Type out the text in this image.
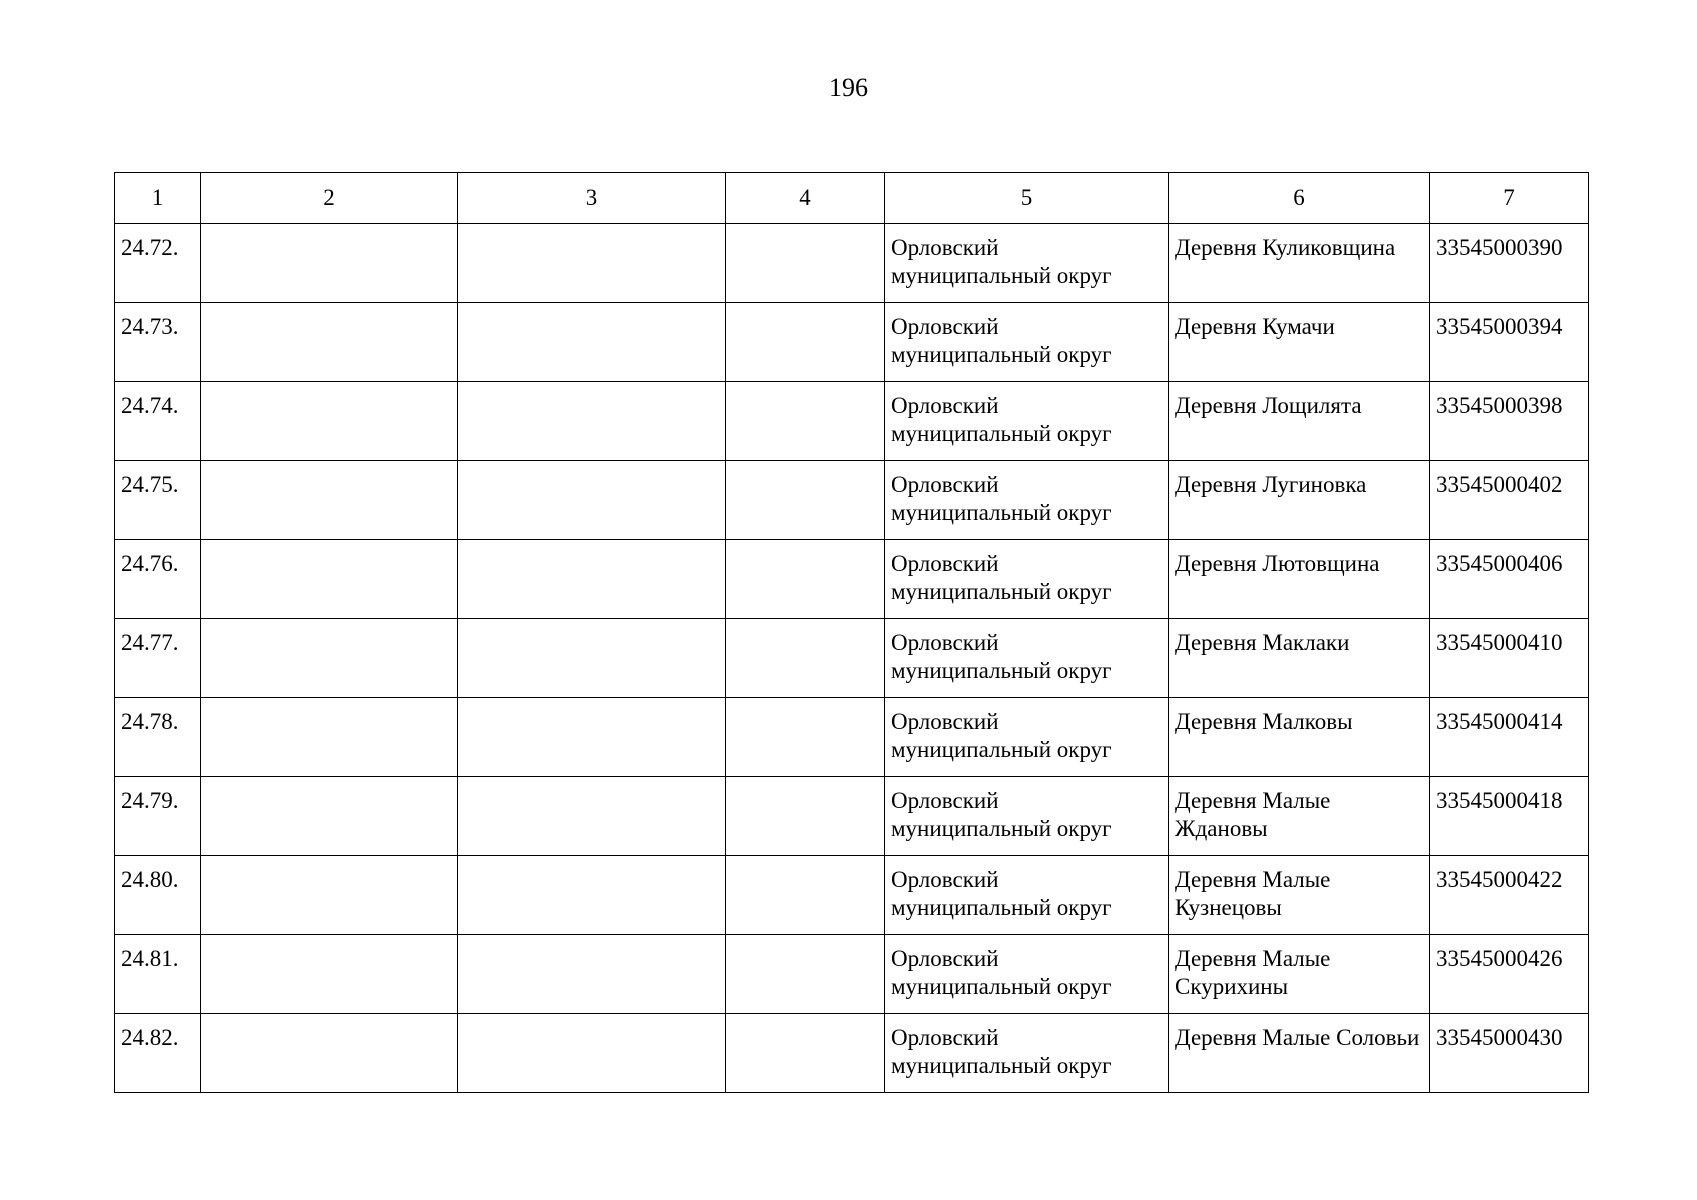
196
1	2	3	4	5	6	7
24.72.				Орловский муниципальный округ	Деревня Куликовщина	33545000390
24.73.				Орловский муниципальный округ	Деревня Кумачи	33545000394
24.74.				Орловский муниципальный округ	Деревня Лощилята	33545000398
24.75.				Орловский муниципальный округ	Деревня Лугиновка	33545000402
24.76.				Орловский муниципальный округ	Деревня Лютовщина	33545000406
24.77.				Орловский муниципальный округ	Деревня Маклаки	33545000410
24.78.				Орловский муниципальный округ	Деревня Малковы	33545000414
24.79.				Орловский муниципальный округ	Деревня Малые Ждановы	33545000418
24.80.				Орловский муниципальный округ	Деревня Малые Кузнецовы	33545000422
24.81.				Орловский муниципальный округ	Деревня Малые Скурихины	33545000426
24.82.				Орловский муниципальный округ	Деревня Малые Соловьи	33545000430
